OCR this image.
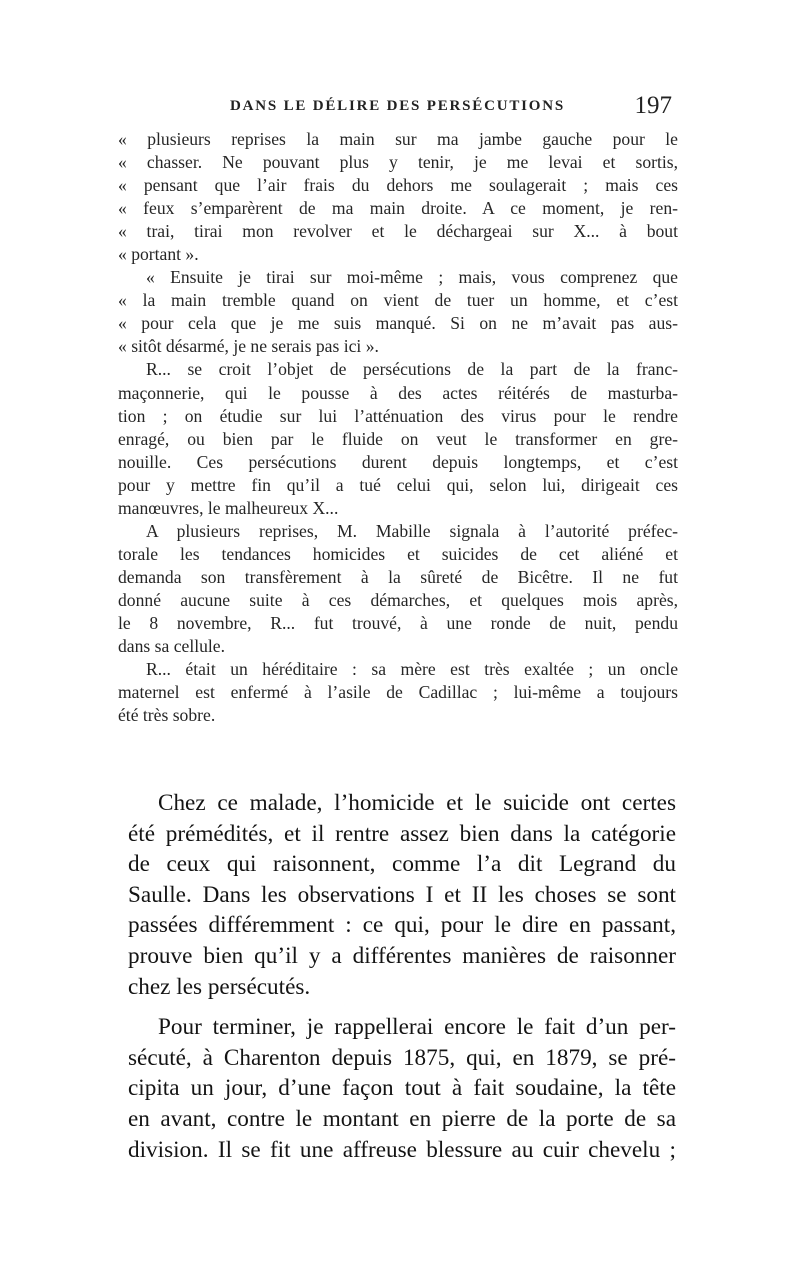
DANS LE DÉLIRE DES PERSÉCUTIONS	197
« plusieurs reprises la main sur ma jambe gauche pour le
« chasser. Ne pouvant plus y tenir, je me levai et sortis,
« pensant que l’air frais du dehors me soulagerait ; mais ces
« feux s’emparèrent de ma main droite. A ce moment, je ren-
« trai, tirai mon revolver et le déchargeai sur X... à bout
« portant ».
« Ensuite je tirai sur moi-même ; mais, vous comprenez que
« la main tremble quand on vient de tuer un homme, et c’est
« pour cela que je me suis manqué. Si on ne m’avait pas aus-
« sitôt désarmé, je ne serais pas ici ».
R... se croit l’objet de persécutions de la part de la franc-
maçonnerie, qui le pousse à des actes réitérés de masturba-
tion ; on étudie sur lui l’atténuation des virus pour le rendre
enragé, ou bien par le fluide on veut le transformer en gre-
nouille. Ces persécutions durent depuis longtemps, et c’est
pour y mettre fin qu’il a tué celui qui, selon lui, dirigeait ces
manœuvres, le malheureux X...
A plusieurs reprises, M. Mabille signala à l’autorité préfec-
torale les tendances homicides et suicides de cet aliéné et
demanda son transfèrement à la sûreté de Bicêtre. Il ne fut
donné aucune suite à ces démarches, et quelques mois après,
le 8 novembre, R... fut trouvé, à une ronde de nuit, pendu
dans sa cellule.
R... était un héréditaire : sa mère est très exaltée ; un oncle
maternel est enfermé à l’asile de Cadillac ; lui-même a toujours
été très sobre.
Chez ce malade, l’homicide et le suicide ont certes
été prémédités, et il rentre assez bien dans la catégorie
de ceux qui raisonnent, comme l’a dit Legrand du
Saulle. Dans les observations I et II les choses se sont
passées différemment : ce qui, pour le dire en passant,
prouve bien qu’il y a différentes manières de raisonner
chez les persécutés.
Pour terminer, je rappellerai encore le fait d’un per-
sécuté, à Charenton depuis 1875, qui, en 1879, se pré-
cipita un jour, d’une façon tout à fait soudaine, la tête
en avant, contre le montant en pierre de la porte de sa
division. Il se fit une affreuse blessure au cuir chevelu ;
